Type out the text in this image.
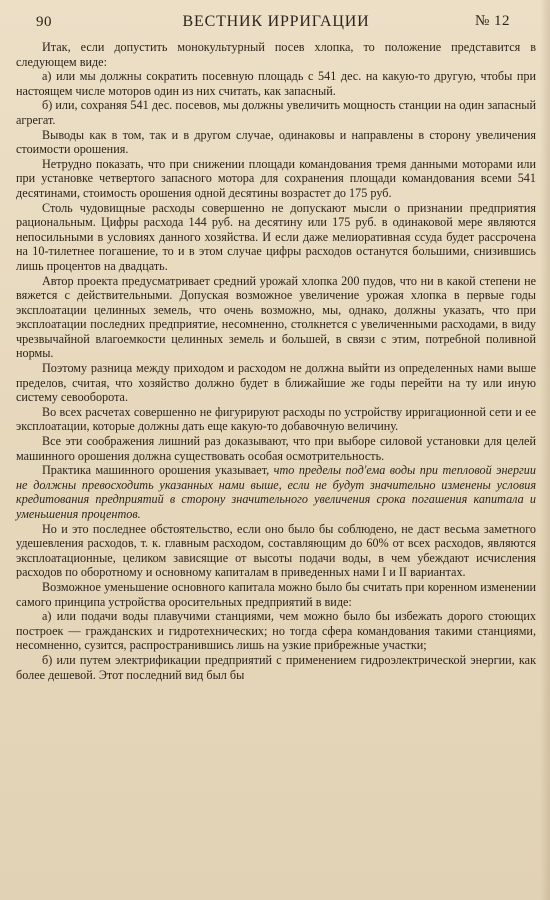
90	ВЕСТНИК ИРРИГАЦИИ	№ 12

Итак, если допустить монокультурный посев хлопка, то положение представится в следующем виде:

а) или мы должны сократить посевную площадь с 541 дес. на какую-то другую, чтобы при настоящем числе моторов один из них считать, как запасный.

б) или, сохраняя 541 дес. посевов, мы должны увеличить мощность станции на один запасный агрегат.

Выводы как в том, так и в другом случае, одинаковы и направлены в сторону увеличения стоимости орошения.

Нетрудно показать, что при снижении площади командования тремя данными моторами или при установке четвертого запасного мотора для сохранения площади командования всеми 541 десятинами, стоимость орошения одной десятины возрастет до 175 руб.

Столь чудовищные расходы совершенно не допускают мысли о признании предприятия рациональным. Цифры расхода 144 руб. на десятину или 175 руб. в одинаковой мере являются непосильными в условиях данного хозяйства. И если даже мелиоративная ссуда будет рассрочена на 10-тилетнее погашение, то и в этом случае цифры расходов останутся большими, снизившись лишь процентов на двадцать.

Автор проекта предусматривает средний урожай хлопка 200 пудов, что ни в какой степени не вяжется с действительными. Допуская возможное увеличение урожая хлопка в первые годы эксплоатации целинных земель, что очень возможно, мы, однако, должны указать, что при эксплоатации последних предприятие, несомненно, столкнется с увеличенными расходами, в виду чрезвычайной влагоемкости целинных земель и большей, в связи с этим, потребной поливной нормы.

Поэтому разница между приходом и расходом не должна выйти из определенных нами выше пределов, считая, что хозяйство должно будет в ближайшие же годы перейти на ту или иную систему севооборота.

Во всех расчетах совершенно не фигурируют расходы по устройству ирригационной сети и ее эксплоатации, которые должны дать еще какую-то добавочную величину.

Все эти соображения лишний раз доказывают, что при выборе силовой установки для целей машинного орошения должна существовать особая осмотрительность.

Практика машинного орошения указывает, что пределы под'ема воды при тепловой энергии не должны превосходить указанных нами выше, если не будут значительно изменены условия кредитования предприятий в сторону значительного увеличения срока погашения капитала и уменьшения процентов.

Но и это последнее обстоятельство, если оно было бы соблюдено, не даст весьма заметного удешевления расходов, т. к. главным расходом, составляющим до 60% от всех расходов, являются эксплоатационные, целиком зависящие от высоты подачи воды, в чем убеждают исчисления расходов по оборотному и основному капиталам в приведенных нами I и II вариантах.

Возможное уменьшение основного капитала можно было бы считать при коренном изменении самого принципа устройства оросительных предприятий в виде:

а) или подачи воды плавучими станциями, чем можно было бы избежать дорого стоющих построек — гражданских и гидротехнических; но тогда сфера командования такими станциями, несомненно, сузится, распространившись лишь на узкие прибрежные участки;

б) или путем электрификации предприятий с применением гидроэлектрической энергии, как более дешевой. Этот последний вид был бы
